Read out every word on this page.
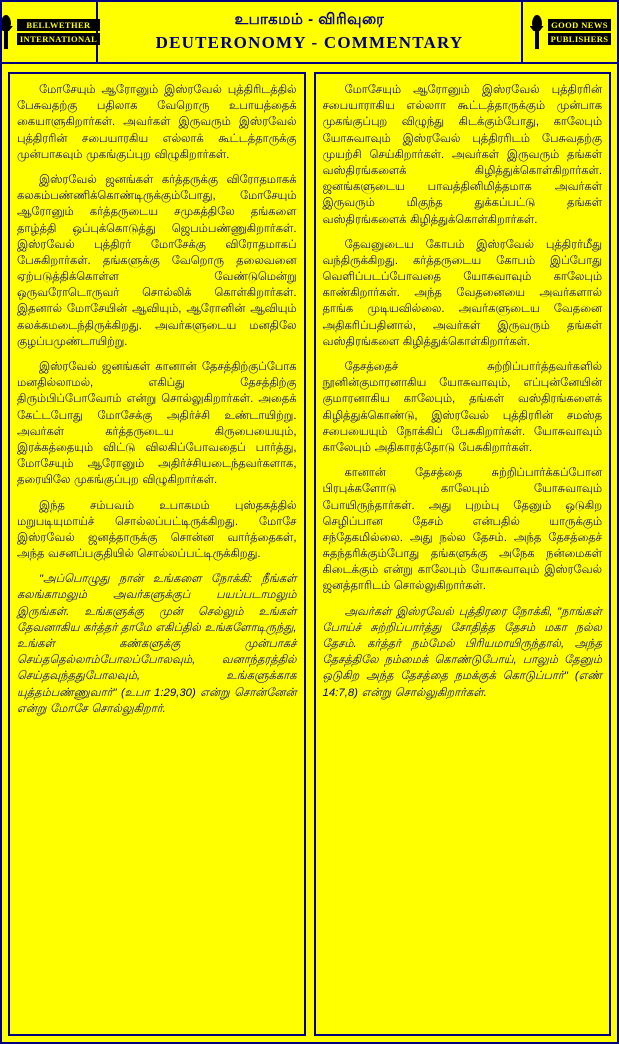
BELLWETHER
INTERNATIONAL
உபாகமம் - விரிவுரை
DEUTERONOMY - COMMENTARY
GOOD NEWS
PUBLISHERS

மோசேயும் ஆரோனும் இஸ்ரவேல் புத்திரிடத்தில் பேசுவதற்கு பதிலாக வேறொரு உபாயத்தைக் கையாளுகிறார்கள். அவர்கள் இருவரும் இஸ்ரவேல் புத்திரரின் சபையாரகிய எல்லாக் கூட்டத்தாருக்கு முன்பாகவும் முகங்குப்புற விழுகிறார்கள்.

இஸ்ரவேல் ஜனங்கள் கர்த்தருக்கு விரோதமாகக் கலகம்பண்ணிக்கொண்டிருக்கும்போது, மோசேயும் ஆரோனும் கர்த்தருடைய சமுகத்திலே தங்களை தாழ்த்தி ஒப்புக்கொடுத்து ஜெபம்பண்ணுகிறார்கள். இஸ்ரவேல் புத்திரர் மோசேக்கு விரோதமாகப் பேசுகிறார்கள். தங்களுக்கு வேறொரு தலைவனை ஏற்படுத்திக்கொள்ள வேண்டுமென்று ஒருவரோடொருவர் சொல்லிக் கொள்கிறார்கள். இதனால் மோசேயின் ஆவியும், ஆரோனின் ஆவியும் கலக்கமடைந்திருக்கிறது. அவர்களுடைய மனதிலே குழப்பமுண்டாயிற்று.

இஸ்ரவேல் ஜனங்கள் கானான் தேசத்திற்குப்போக மனதில்லாமல், எகிப்து தேசத்திற்கு திரும்பிப்போவோம் என்று சொல்லுகிறார்கள். அதைக் கேட்டபோது மோசேக்கு அதிர்ச்சி உண்டாயிற்று. அவர்கள் கர்த்தருடைய கிருபையையும், இரக்கத்தையும் விட்டு விலகிப்போவதைப் பார்த்து, மோசேயும் ஆரோனும் அதிர்ச்சியடைந்தவர்களாக, தரையிலே முகங்குப்புற விழுகிறார்கள்.

இந்த சம்பவம் உபாகமம் புஸ்தகத்தில் மறுபடியுமாய்ச் சொல்லப்பட்டிருக்கிறது. மோசே இஸ்ரவேல் ஜனத்தாருக்கு சொன்ன வார்த்தைகள், அந்த வசனப்பகுதியில் சொல்லப்பட்டிருக்கிறது.

"அப்பொழுது நான் உங்களை நோக்கி: நீங்கள் கலங்காமலும் அவர்களுக்குப் பயப்படாமலும் இருங்கள். உங்களுக்கு முன் செல்லும் உங்கள் தேவனாகிய கர்த்தர் தாமே எகிப்தில் உங்களோடிருந்து, உங்கள் கண்களுக்கு முன்பாகச் செய்ததெல்லாம்போலப்போலவும், வனாந்தரத்தில் செய்தவுந்ததுபோலவும், உங்களுக்காக யுத்தம்பண்ணுவார்" (உபா 1:29,30) என்று சொன்னேன் என்று மோசே சொல்லுகிறார்.

மோசேயும் ஆரோனும் இஸ்ரவேல் புத்திரரின் சபையாராகிய எல்லாா கூட்டத்தாருக்கும் முன்பாக முகங்குப்புற விழுந்து கிடக்கும்போது, காலேபும் யோசுவாவும் இஸ்ரவேல் புத்திரரிடம் பேசுவதற்கு முயற்சி செய்கிறார்கள். அவர்கள் இருவரும் தங்கள் வஸ்திரங்களைக் கிழித்துக்கொள்கிறார்கள். ஜனங்களுடைய பாவத்தினிமித்தமாக அவர்கள் இருவரும் மிகுந்த துக்கப்பட்டு தங்கள் வஸ்திரங்களைக் கிழித்துக்கொள்கிறார்கள்.

தேவனுடைய கோபம் இஸ்ரவேல் புத்திரர்மீது வந்திருக்கிறது. கர்த்தருடைய கோபம் இப்போது வெளிப்படப்போவதை யோசுவாவும் காலேபும் காண்கிறார்கள். அந்த வேதனையை அவர்களால் தாங்க முடியவில்லை. அவர்களுடைய வேதனை அதிகரிப்பதினால், அவர்கள் இருவரும் தங்கள் வஸ்திரங்களை கிழித்துக்கொள்கிறார்கள்.

தேசத்தைச் சுற்றிப்பார்த்தவர்களில் நூனின்குமாரனாகிய யோசுவாவும், எப்புன்னேயின் குமாரனாகிய காலேபும், தங்கள் வஸ்திரங்களைக் கிழித்துக்கொண்டு, இஸ்ரவேல் புத்திரரின் சமஸ்த சபையையும் நோக்கிப் பேசுகிறார்கள். யோசுவாவும் காலேபும் அதிகாரத்தோடு பேசுகிறார்கள்.

கானான் தேசத்தை சுற்றிப்பார்க்கப்போன பிரபுக்களோடு காலேபும் யோசுவாவும் போயிருந்தார்கள். அது புறம்பு தேனும் ஒடுகிற செழிப்பான தேசம் என்பதில் யாருக்கும் சந்தேகமில்லை. அது நல்ல தேசம். அந்த தேசத்தைச் சுதந்தரிக்கும்போது தங்களுக்கு அநேக நன்மைகள் கிடைக்கும் என்று காலேபும் யோசுவாவும் இஸ்ரவேல் ஜனத்தாரிடம் சொல்லுகிறார்கள்.

அவர்கள் இஸ்ரவேல் புத்திரரை நோக்கி, "நாங்கள் போய்ச் சுற்றிப்பார்த்து சோதித்த தேசம் மகா நல்ல தேசம். கர்த்தர் நம்மேல் பிரியமாயிருந்தால், அந்த தேசத்திலே நம்மைக் கொண்டுபோய், பாலும் தேனும் ஒடுகிற அந்த தேசத்தை நமக்குக் கொடுப்பார்" (எண் 14:7,8) என்று சொல்லுகிறார்கள்.
